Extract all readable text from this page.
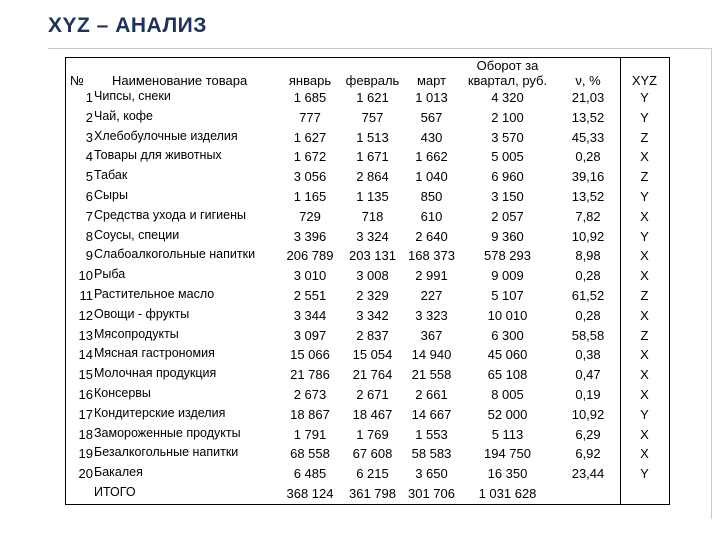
XYZ – АНАЛИЗ
№	Наименование товара	январь	февраль	март	Оборот за квартал, руб.	ν, %	XYZ
1	Чипсы, снеки	1 685	1 621	1 013	4 320	21,03	Y
2	Чай, кофе	777	757	567	2 100	13,52	Y
3	Хлебобулочные изделия	1 627	1 513	430	3 570	45,33	Z
4	Товары для животных	1 672	1 671	1 662	5 005	0,28	X
5	Табак	3 056	2 864	1 040	6 960	39,16	Z
6	Сыры	1 165	1 135	850	3 150	13,52	Y
7	Средства ухода и гигиены	729	718	610	2 057	7,82	X
8	Соусы, специи	3 396	3 324	2 640	9 360	10,92	Y
9	Слабоалкогольные напитки	206 789	203 131	168 373	578 293	8,98	X
10	Рыба	3 010	3 008	2 991	9 009	0,28	X
11	Растительное масло	2 551	2 329	227	5 107	61,52	Z
12	Овощи - фрукты	3 344	3 342	3 323	10 010	0,28	X
13	Мясопродукты	3 097	2 837	367	6 300	58,58	Z
14	Мясная гастрономия	15 066	15 054	14 940	45 060	0,38	X
15	Молочная продукция	21 786	21 764	21 558	65 108	0,47	X
16	Консервы	2 673	2 671	2 661	8 005	0,19	X
17	Кондитерские изделия	18 867	18 467	14 667	52 000	10,92	Y
18	Замороженные продукты	1 791	1 769	1 553	5 113	6,29	X
19	Безалкогольные напитки	68 558	67 608	58 583	194 750	6,92	X
20	Бакалея	6 485	6 215	3 650	16 350	23,44	Y
	ИТОГО	368 124	361 798	301 706	1 031 628		
